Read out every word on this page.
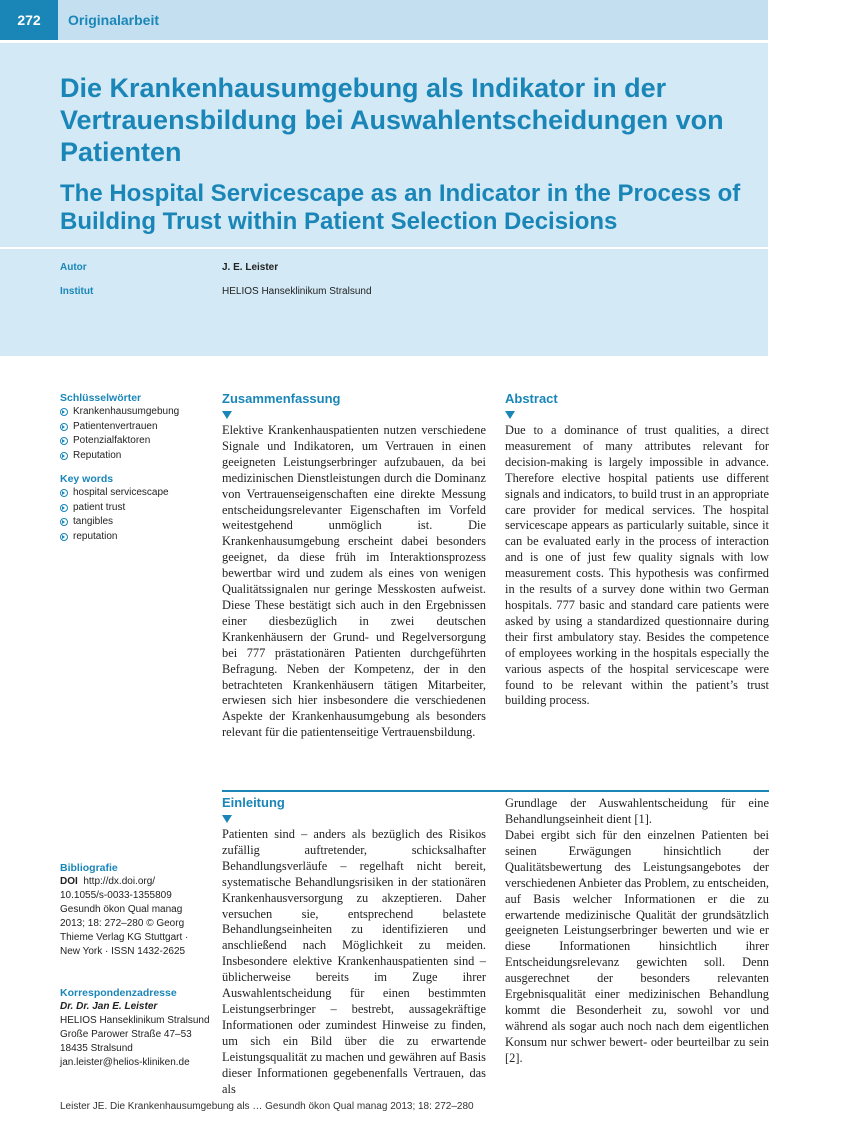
272	Originalarbeit
Die Krankenhausumgebung als Indikator in der Vertrauensbildung bei Auswahlentscheidungen von Patienten
The Hospital Servicescape as an Indicator in the Process of Building Trust within Patient Selection Decisions
Autor	J. E. Leister
Institut	HELIOS Hanseklinikum Stralsund
Schlüsselwörter
Krankenhausumgebung
Patientenvertrauen
Potenzialfaktoren
Reputation
Key words
hospital servicescape
patient trust
tangibles
reputation
Bibliografie
DOI http://dx.doi.org/
10.1055/s-0033-1355809
Gesundh ökon Qual manag
2013; 18: 272–280 © Georg
Thieme Verlag KG Stuttgart ·
New York · ISSN 1432-2625
Korrespondenzadresse
Dr. Dr. Jan E. Leister
HELIOS Hanseklinikum Stralsund
Große Parower Straße 47–53
18435 Stralsund
jan.leister@helios-kliniken.de
Zusammenfassung

Elektive Krankenhauspatienten nutzen verschiedene Signale und Indikatoren, um Vertrauen in einen geeigneten Leistungserbringer aufzubauen, da bei medizinischen Dienstleistungen durch die Dominanz von Vertrauenseigenschaften eine direkte Messung entscheidungsrelevanter Eigenschaften im Vorfeld weitestgehend unmöglich ist. Die Krankenhausumgebung erscheint dabei besonders geeignet, da diese früh im Interaktionsprozess bewertbar wird und zudem als eines von wenigen Qualitätssignalen nur geringe Messkosten aufweist. Diese These bestätigt sich auch in den Ergebnissen einer diesbezüglich in zwei deutschen Krankenhäusern der Grund- und Regelversorgung bei 777 prästationären Patienten durchgeführten Befragung. Neben der Kompetenz, der in den betrachteten Krankenhäusern tätigen Mitarbeiter, erwiesen sich hier insbesondere die verschiedenen Aspekte der Krankenhausumgebung als besonders relevant für die patientenseitige Vertrauensbildung.

Abstract

Due to a dominance of trust qualities, a direct measurement of many attributes relevant for decision-making is largely impossible in advance. Therefore elective hospital patients use different signals and indicators, to build trust in an appropriate care provider for medical services. The hospital servicescape appears as particularly suitable, since it can be evaluated early in the process of interaction and is one of just few quality signals with low measurement costs. This hypothesis was confirmed in the results of a survey done within two German hospitals. 777 basic and standard care patients were asked by using a standardized questionnaire during their first ambulatory stay. Besides the competence of employees working in the hospitals especially the various aspects of the hospital servicescape were found to be relevant within the patient’s trust building process.

Einleitung

Patienten sind – anders als bezüglich des Risikos zufällig auftretender, schicksalhafter Behandlungsverläufe – regelhaft nicht bereit, systematische Behandlungsrisiken in der stationären Krankenhausversorgung zu akzeptieren. Daher versuchen sie, entsprechend belastete Behandlungseinheiten zu identifizieren und anschließend nach Möglichkeit zu meiden. Insbesondere elektive Krankenhauspatienten sind – üblicherweise bereits im Zuge ihrer Auswahlentscheidung für einen bestimmten Leistungserbringer – bestrebt, aussagekräftige Informationen oder zumindest Hinweise zu finden, um sich ein Bild über die zu erwartende Leistungsqualität zu machen und gewähren auf Basis dieser Informationen gegebenenfalls Vertrauen, das als

Grundlage der Auswahlentscheidung für eine Behandlungseinheit dient [1].

Dabei ergibt sich für den einzelnen Patienten bei seinen Erwägungen hinsichtlich der Qualitätsbewertung des Leistungsangebotes der verschiedenen Anbieter das Problem, zu entscheiden, auf Basis welcher Informationen er die zu erwartende medizinische Qualität der grundsätzlich geeigneten Leistungserbringer bewerten und wie er diese Informationen hinsichtlich ihrer Entscheidungsrelevanz gewichten soll. Denn ausgerechnet der besonders relevanten Ergebnisqualität einer medizinischen Behandlung kommt die Besonderheit zu, sowohl vor und während als sogar auch noch nach dem eigentlichen Konsum nur schwer bewert- oder beurteilbar zu sein [2].

Leister JE. Die Krankenhausumgebung als … Gesundh ökon Qual manag 2013; 18: 272–280
